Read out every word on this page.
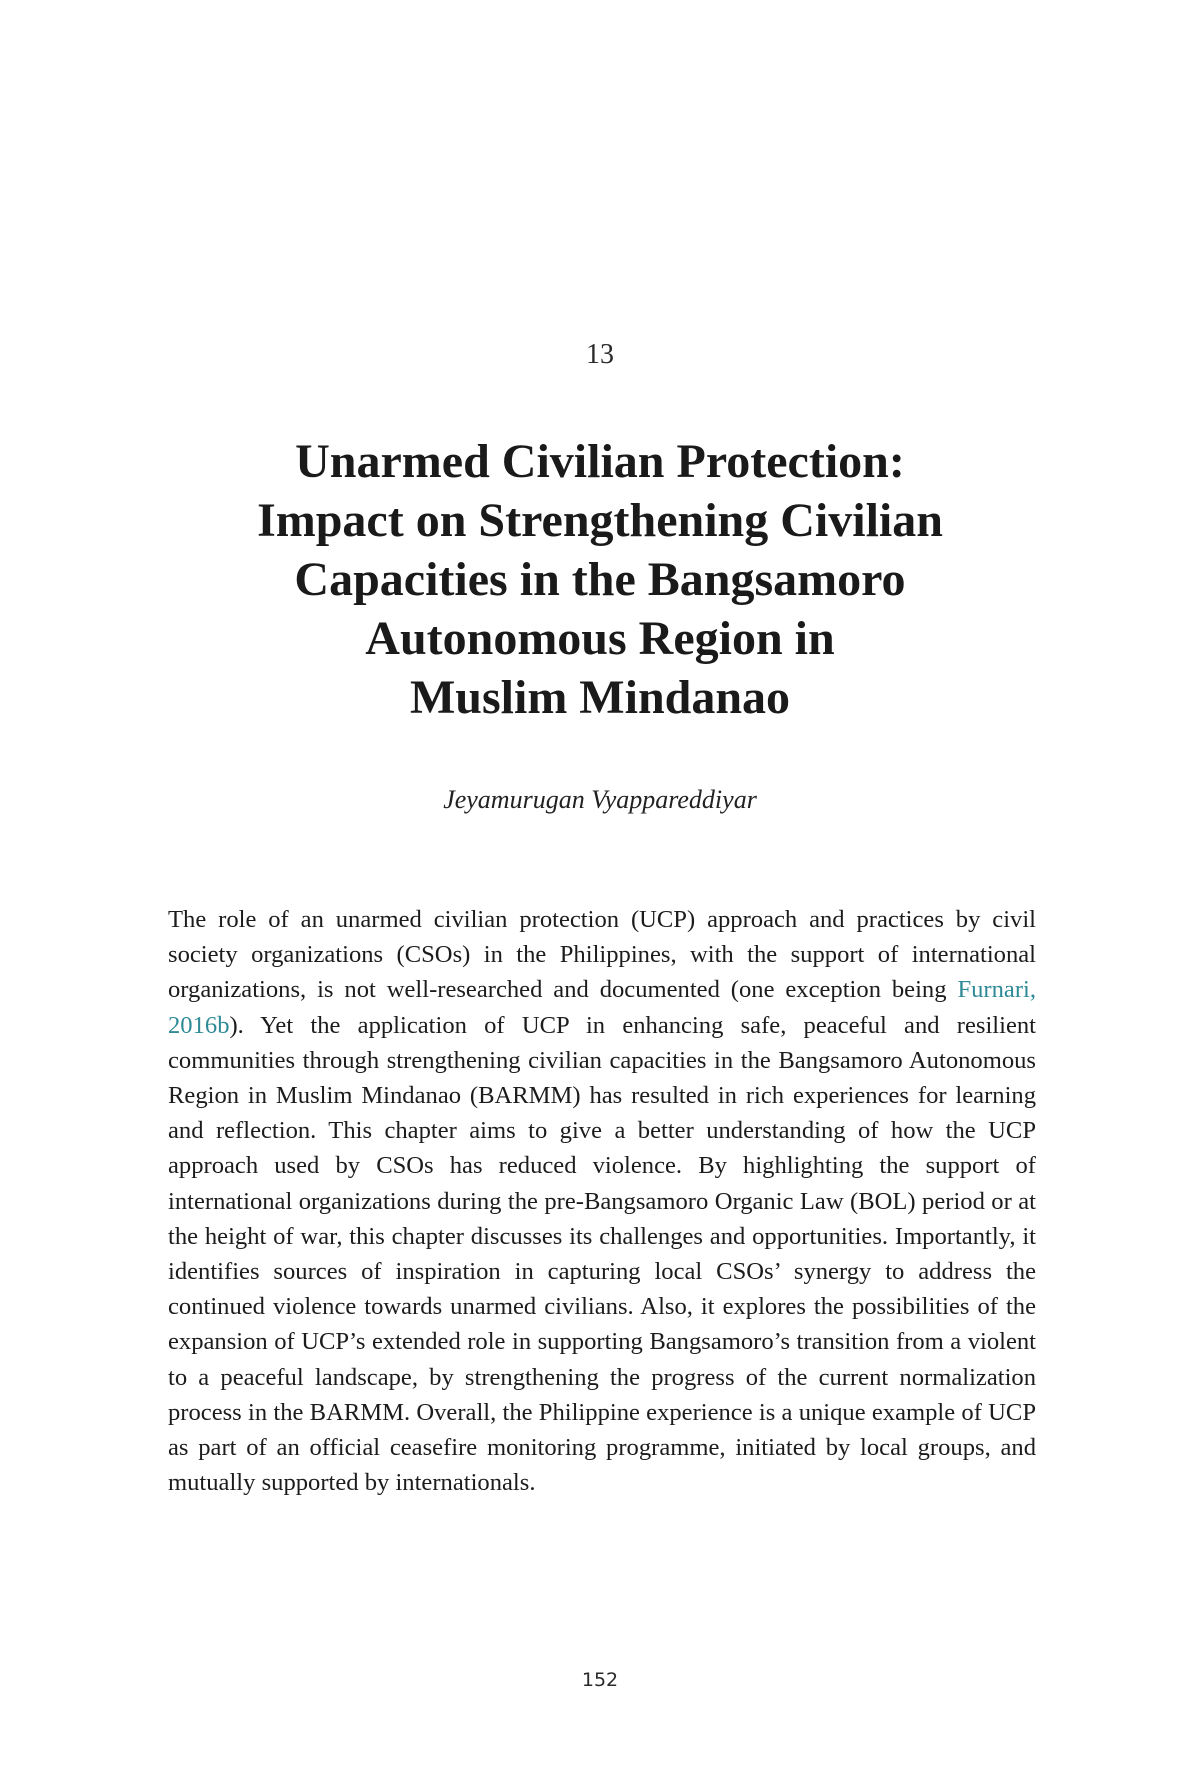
13
Unarmed Civilian Protection:
Impact on Strengthening Civilian
Capacities in the Bangsamoro
Autonomous Region in
Muslim Mindanao
Jeyamurugan Vyappareddiyar

The role of an unarmed civilian protection (UCP) approach and practices by civil society organizations (CSOs) in the Philippines, with the support of international organizations, is not well-researched and documented (one exception being Furnari, 2016b). Yet the application of UCP in enhancing safe, peaceful and resilient communities through strengthening civilian capacities in the Bangsamoro Autonomous Region in Muslim Mindanao (BARMM) has resulted in rich experiences for learning and reflection. This chapter aims to give a better understanding of how the UCP approach used by CSOs has reduced violence. By highlighting the support of international organizations during the pre-Bangsamoro Organic Law (BOL) period or at the height of war, this chapter discusses its challenges and opportunities. Importantly, it identifies sources of inspiration in capturing local CSOs’ synergy to address the continued violence towards unarmed civilians. Also, it explores the possibilities of the expansion of UCP’s extended role in supporting Bangsamoro’s transition from a violent to a peaceful landscape, by strengthening the progress of the current normalization process in the BARMM. Overall, the Philippine experience is a unique example of UCP as part of an official ceasefire monitoring programme, initiated by local groups, and mutually supported by internationals.

152
